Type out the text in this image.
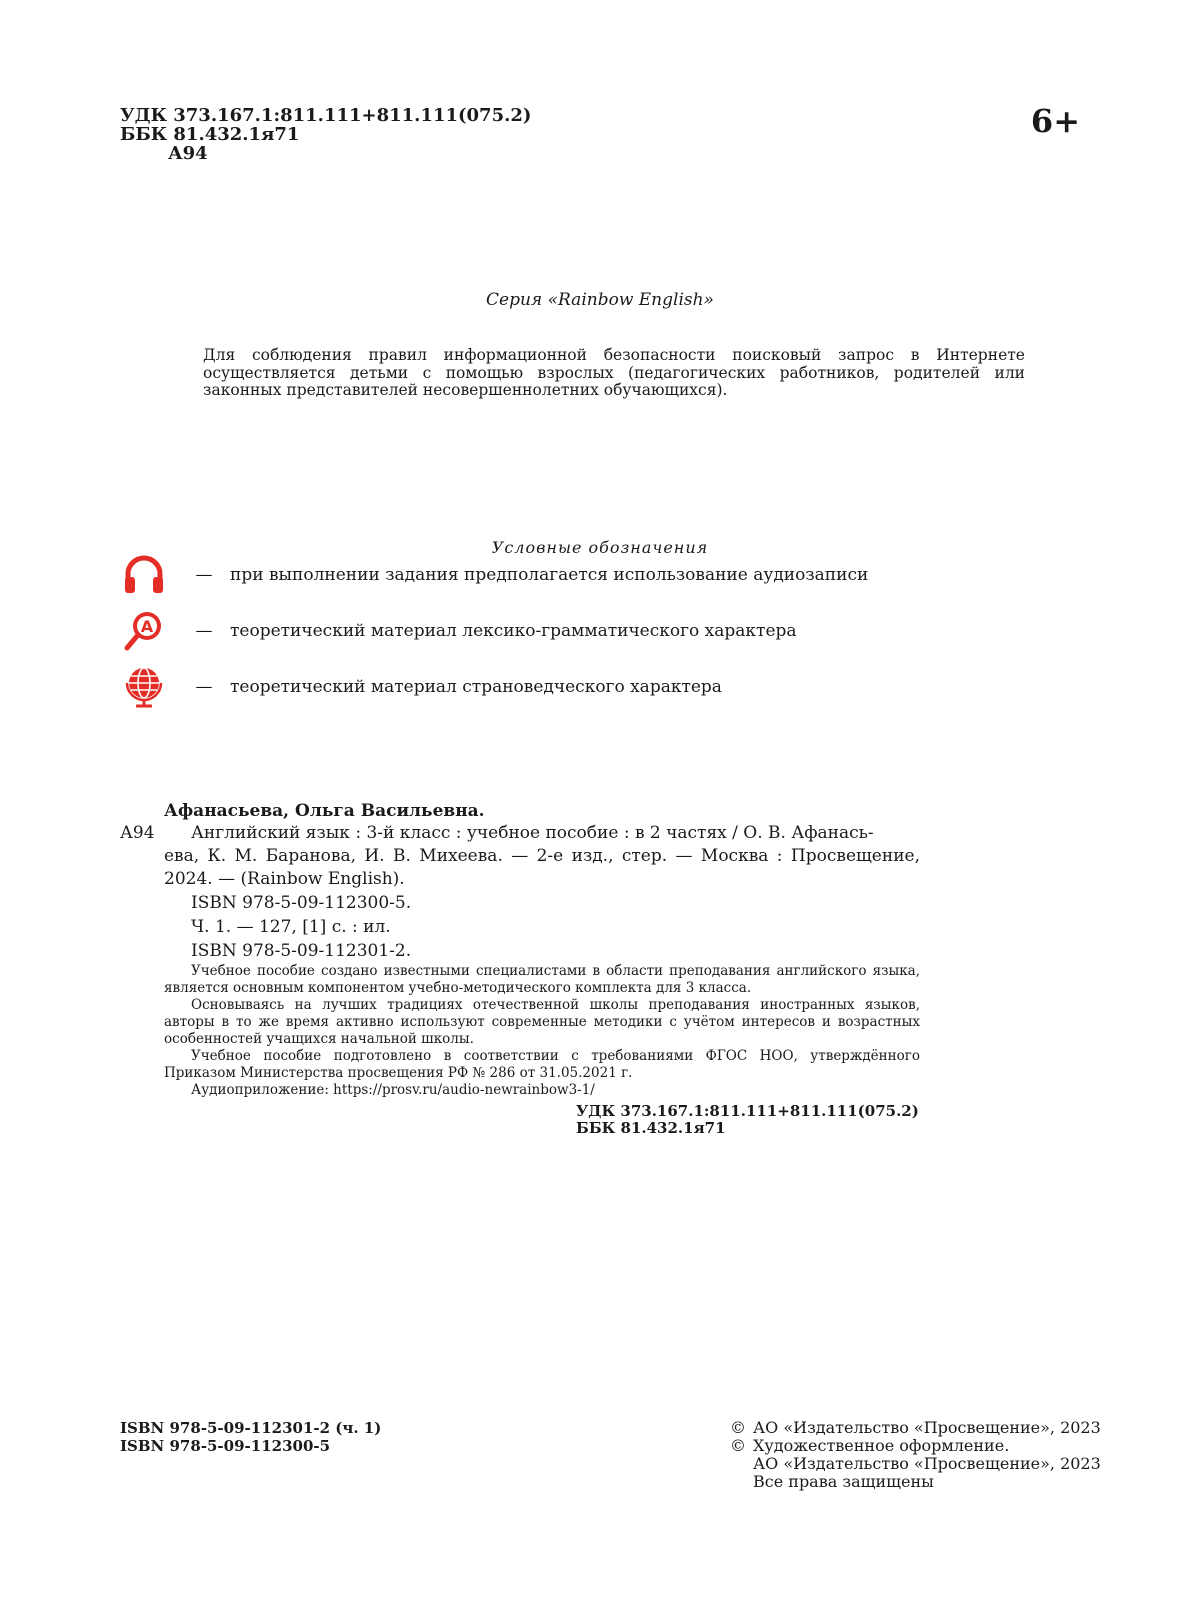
УДК 373.167.1:811.111+811.111(075.2)
ББК 81.432.1я71
А94
6+
Серия «Rainbow English»
Для соблюдения правил информационной безопасности поисковый запрос в Интернете осуществляется детьми с помощью взрослых (педагогических работников, родителей или законных представителей несовершеннолетних обучающихся).
Условные обозначения
—	при выполнении задания предполагается использование аудиозаписи
A	—	теоретический материал лексико-грамматического характера
—	теоретический материал страноведческого характера
Афанасьева, Ольга Васильевна.
А94	Английский язык : 3-й класс : учебное пособие : в 2 частях / О. В. Афанась-
ева, К. М. Баранова, И. В. Михеева. — 2-е изд., стер. — Москва : Просвещение, 2024. — (Rainbow English).
ISBN 978-5-09-112300-5.
Ч. 1. — 127, [1] с. : ил.
ISBN 978-5-09-112301-2.

Учебное пособие создано известными специалистами в области преподавания английского языка, является основным компонентом учебно-методического комплекта для 3 класса.

Основываясь на лучших традициях отечественной школы преподавания иностранных языков, авторы в то же время активно используют современные методики с учётом интересов и возрастных особенностей учащихся начальной школы.

Учебное пособие подготовлено в соответствии с требованиями ФГОС НОО, утверждённого Приказом Министерства просвещения РФ № 286 от 31.05.2021 г.

Аудиоприложение: https://prosv.ru/audio-newrainbow3-1/

УДК 373.167.1:811.111+811.111(075.2)
ББК 81.432.1я71
ISBN 978-5-09-112301-2 (ч. 1)
ISBN 978-5-09-112300-5
© АО «Издательство «Просвещение», 2023
© Художественное оформление.
АО «Издательство «Просвещение», 2023
Все права защищены
